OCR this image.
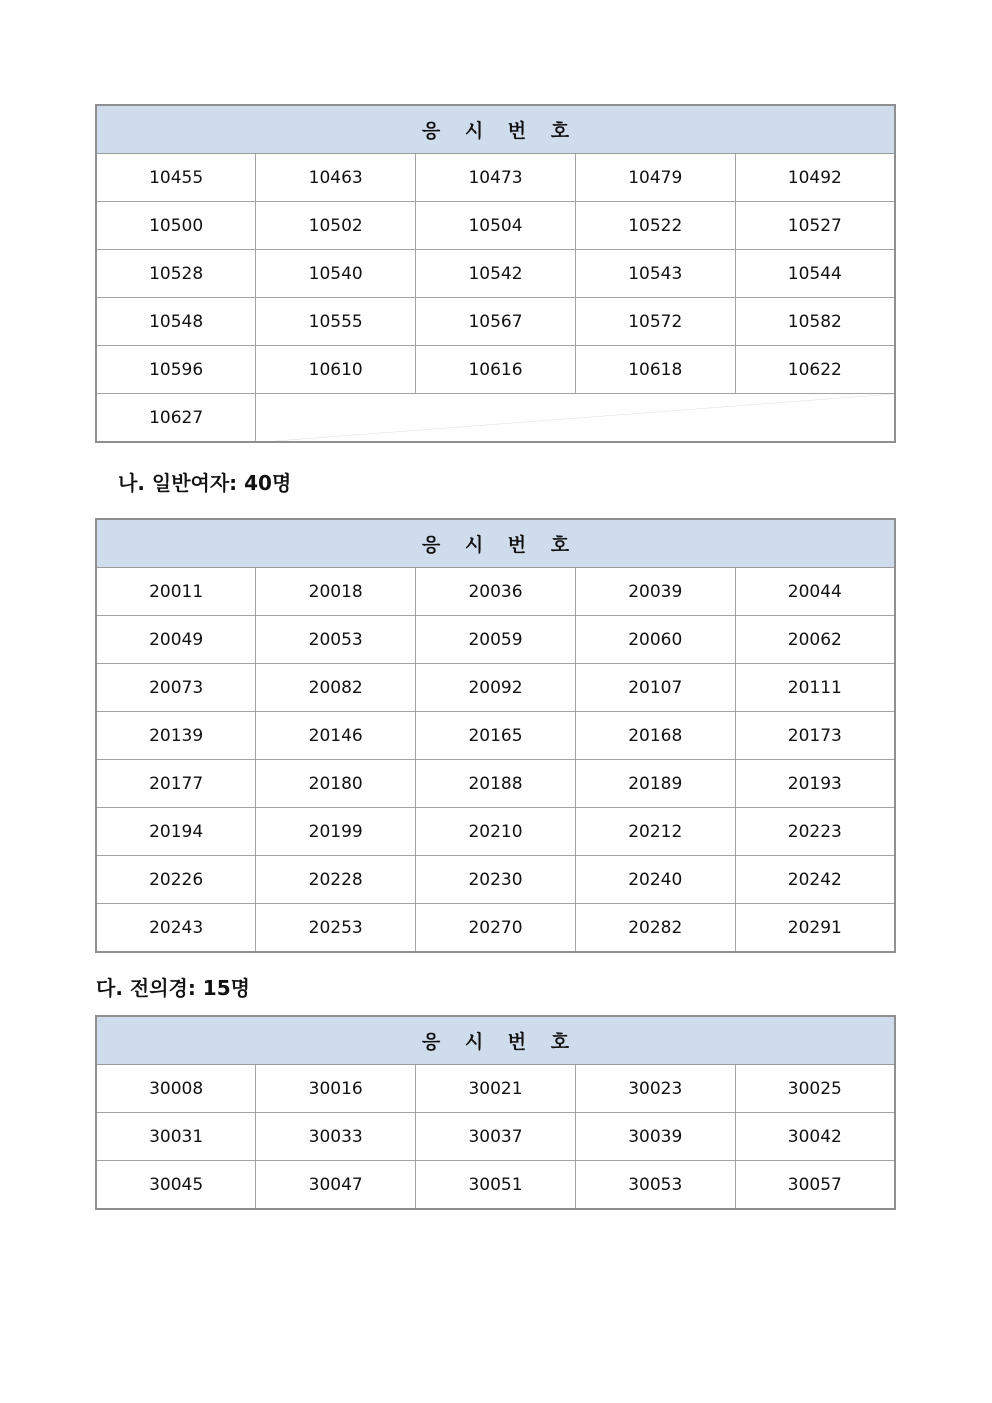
응 시 번 호				
10455	10463	10473	10479	10492
10500	10502	10504	10522	10527
10528	10540	10542	10543	10544
10548	10555	10567	10572	10582
10596	10610	10616	10618	10622
10627	
나. 일반여자: 40명
응 시 번 호				
20011	20018	20036	20039	20044
20049	20053	20059	20060	20062
20073	20082	20092	20107	20111
20139	20146	20165	20168	20173
20177	20180	20188	20189	20193
20194	20199	20210	20212	20223
20226	20228	20230	20240	20242
20243	20253	20270	20282	20291
다. 전의경: 15명
응 시 번 호				
30008	30016	30021	30023	30025
30031	30033	30037	30039	30042
30045	30047	30051	30053	30057
